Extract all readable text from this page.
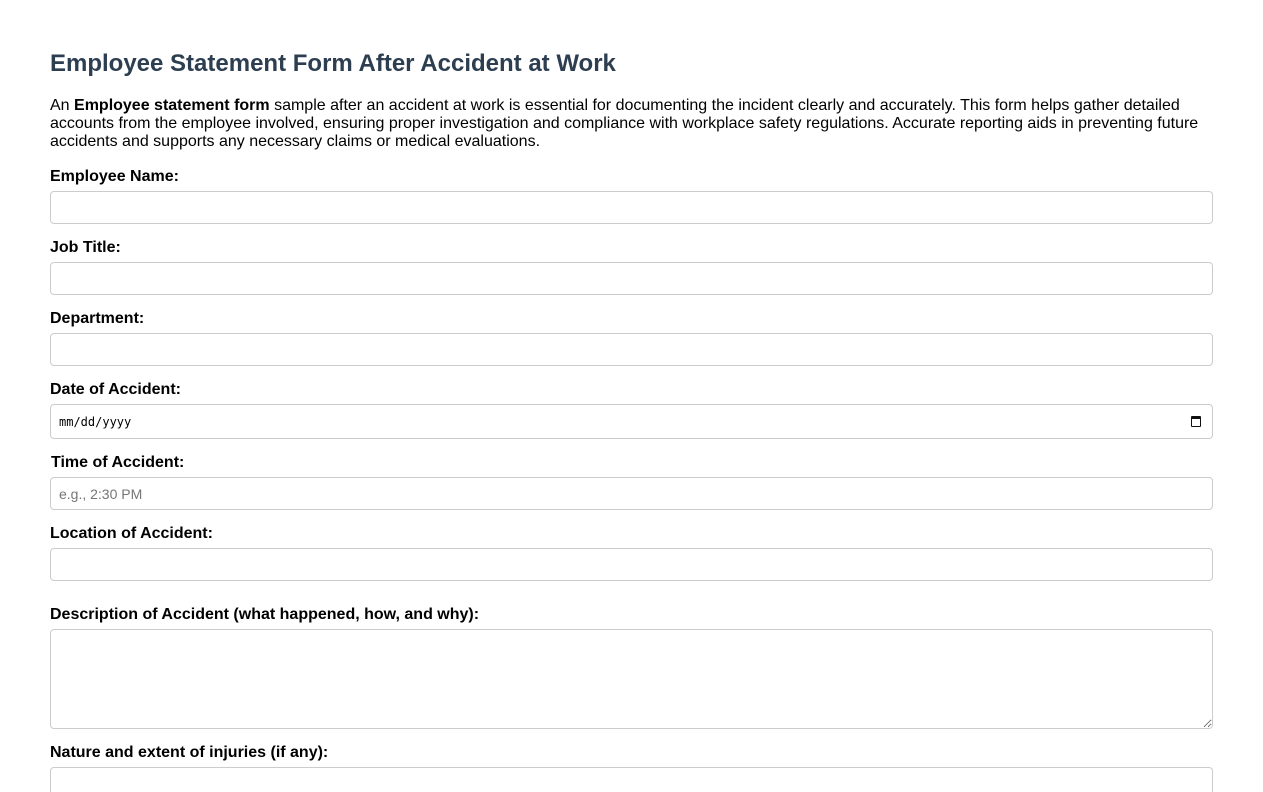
Employee Statement Form After Accident at Work

An Employee statement form sample after an accident at work is essential for documenting the incident clearly and accurately. This form helps gather detailed accounts from the employee involved, ensuring proper investigation and compliance with workplace safety regulations. Accurate reporting aids in preventing future accidents and supports any necessary claims or medical evaluations.

Employee Name:
Job Title:
Department:
Date of Accident:
mm/dd/yyyy
Time of Accident:
e.g., 2:30 PM
Location of Accident:
Description of Accident (what happened, how, and why):
Nature and extent of injuries (if any):
